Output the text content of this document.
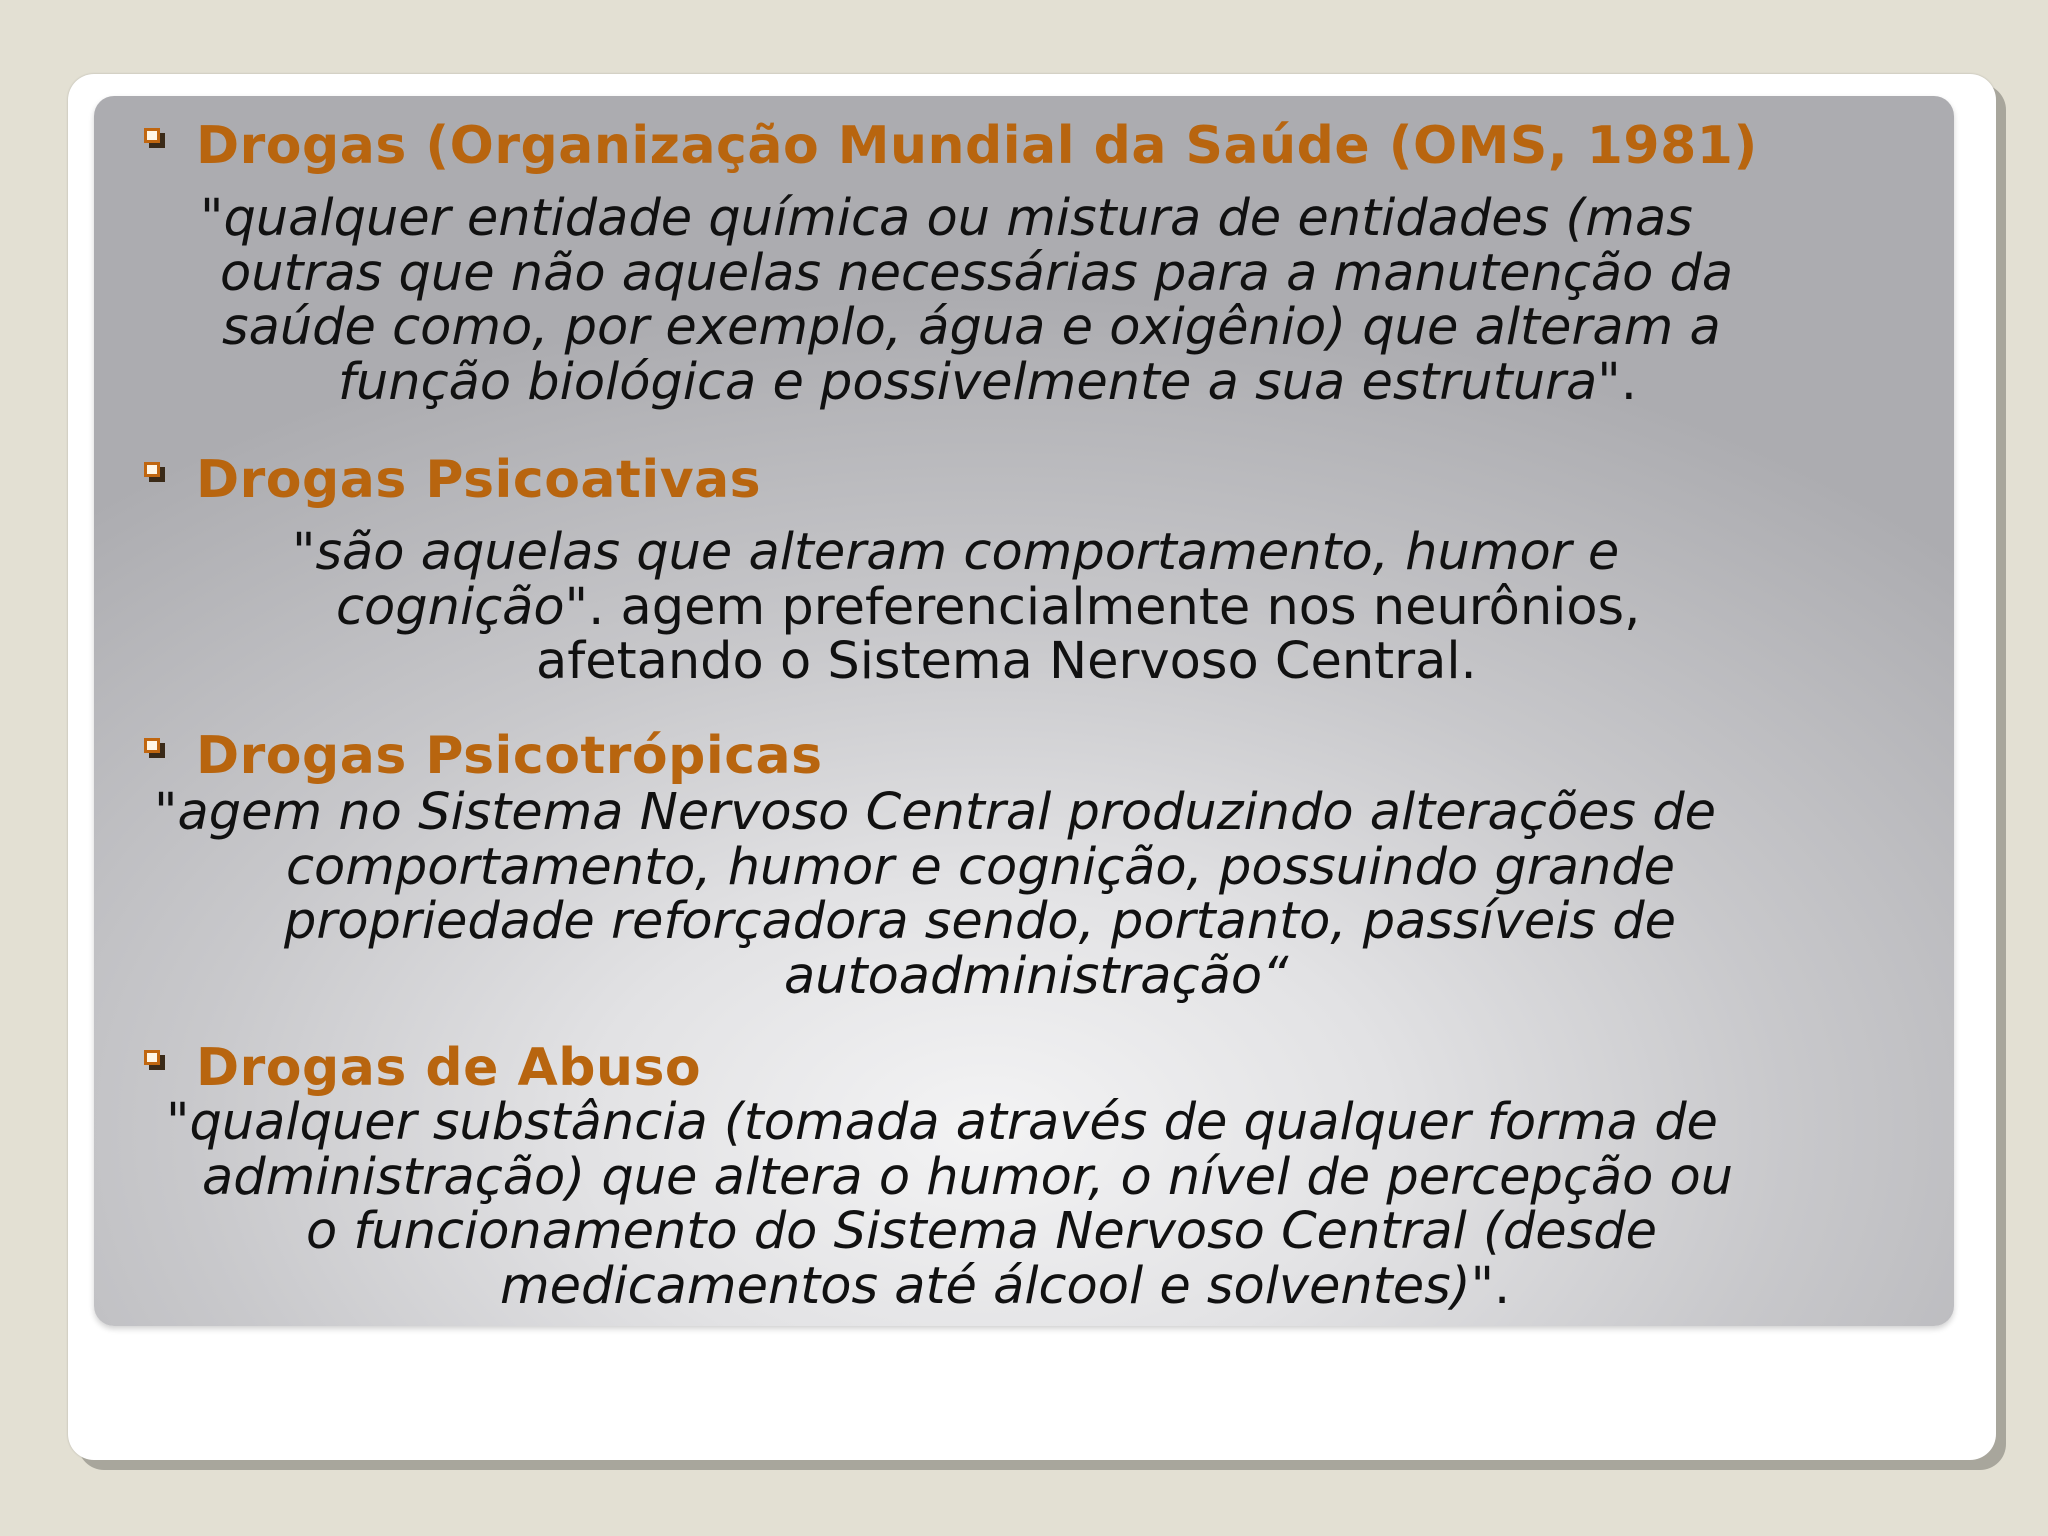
Drogas (Organização Mundial da Saúde (OMS, 1981)
"qualquer entidade química ou mistura de entidades (mas
outras que não aquelas necessárias para a manutenção da
saúde como, por exemplo, água e oxigênio) que alteram a
função biológica e possivelmente a sua estrutura".
Drogas Psicoativas
"são aquelas que alteram comportamento, humor e
cognição". agem preferencialmente nos neurônios,
afetando o Sistema Nervoso Central.
Drogas Psicotrópicas
"agem no Sistema Nervoso Central produzindo alterações de
comportamento, humor e cognição, possuindo grande
propriedade reforçadora sendo, portanto, passíveis de
autoadministração“
Drogas de Abuso
"qualquer substância (tomada através de qualquer forma de
administração) que altera o humor, o nível de percepção ou
o funcionamento do Sistema Nervoso Central (desde
medicamentos até álcool e solventes)".
